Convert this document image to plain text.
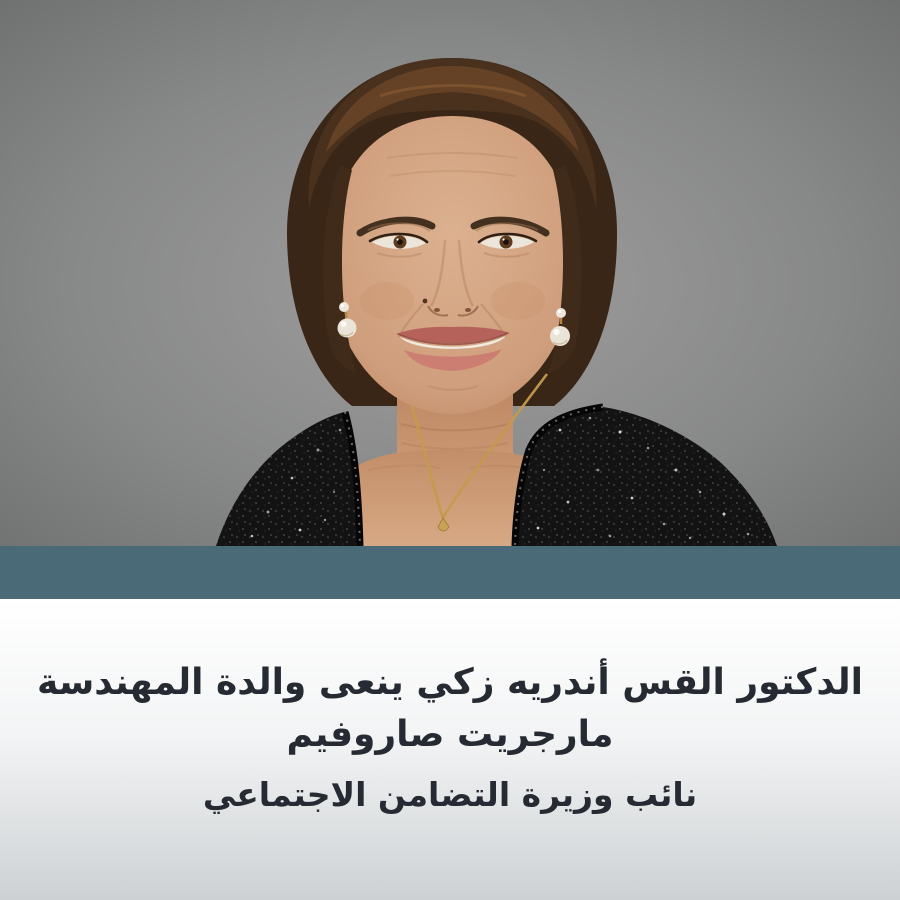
الدكتور القس أندريه زكي ينعى والدة المهندسة مارجريت صاروفيم
نائب وزيرة التضامن الاجتماعي
